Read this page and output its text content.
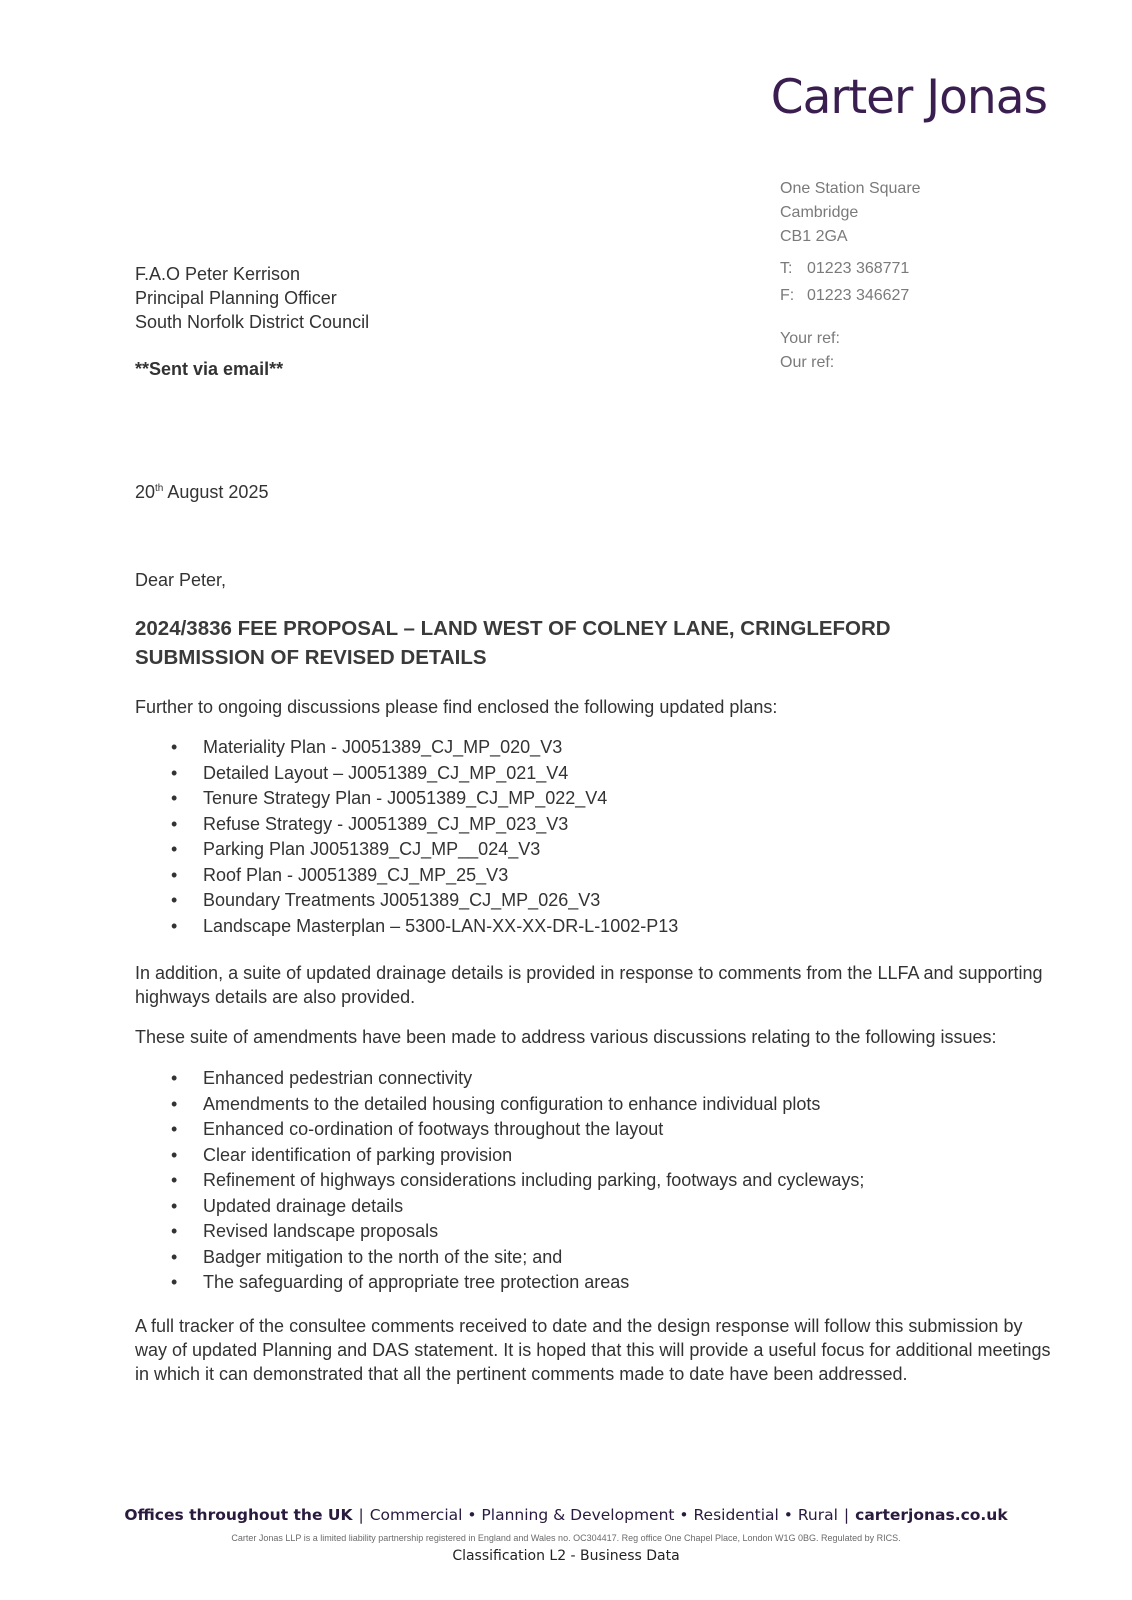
Carter Jonas
One Station Square
Cambridge
CB1 2GA
T: 01223 368771
F: 01223 346627
Your ref:
Our ref:
F.A.O Peter Kerrison
Principal Planning Officer
South Norfolk District Council
**Sent via email**
20th August 2025
Dear Peter,
2024/3836 FEE PROPOSAL – LAND WEST OF COLNEY LANE, CRINGLEFORD
SUBMISSION OF REVISED DETAILS
Further to ongoing discussions please find enclosed the following updated plans:
• Materiality Plan - J0051389_CJ_MP_020_V3
• Detailed Layout – J0051389_CJ_MP_021_V4
• Tenure Strategy Plan - J0051389_CJ_MP_022_V4
• Refuse Strategy - J0051389_CJ_MP_023_V3
• Parking Plan J0051389_CJ_MP__024_V3
• Roof Plan - J0051389_CJ_MP_25_V3
• Boundary Treatments J0051389_CJ_MP_026_V3
• Landscape Masterplan – 5300-LAN-XX-XX-DR-L-1002-P13
In addition, a suite of updated drainage details is provided in response to comments from the LLFA and supporting highways details are also provided.
These suite of amendments have been made to address various discussions relating to the following issues:
• Enhanced pedestrian connectivity
• Amendments to the detailed housing configuration to enhance individual plots
• Enhanced co-ordination of footways throughout the layout
• Clear identification of parking provision
• Refinement of highways considerations including parking, footways and cycleways;
• Updated drainage details
• Revised landscape proposals
• Badger mitigation to the north of the site; and
• The safeguarding of appropriate tree protection areas
A full tracker of the consultee comments received to date and the design response will follow this submission by way of updated Planning and DAS statement. It is hoped that this will provide a useful focus for additional meetings in which it can demonstrated that all the pertinent comments made to date have been addressed.
Offices throughout the UK | Commercial • Planning & Development • Residential • Rural | carterjonas.co.uk
Carter Jonas LLP is a limited liability partnership registered in England and Wales no. OC304417. Reg office One Chapel Place, London W1G 0BG. Regulated by RICS.
Classification L2 - Business Data
